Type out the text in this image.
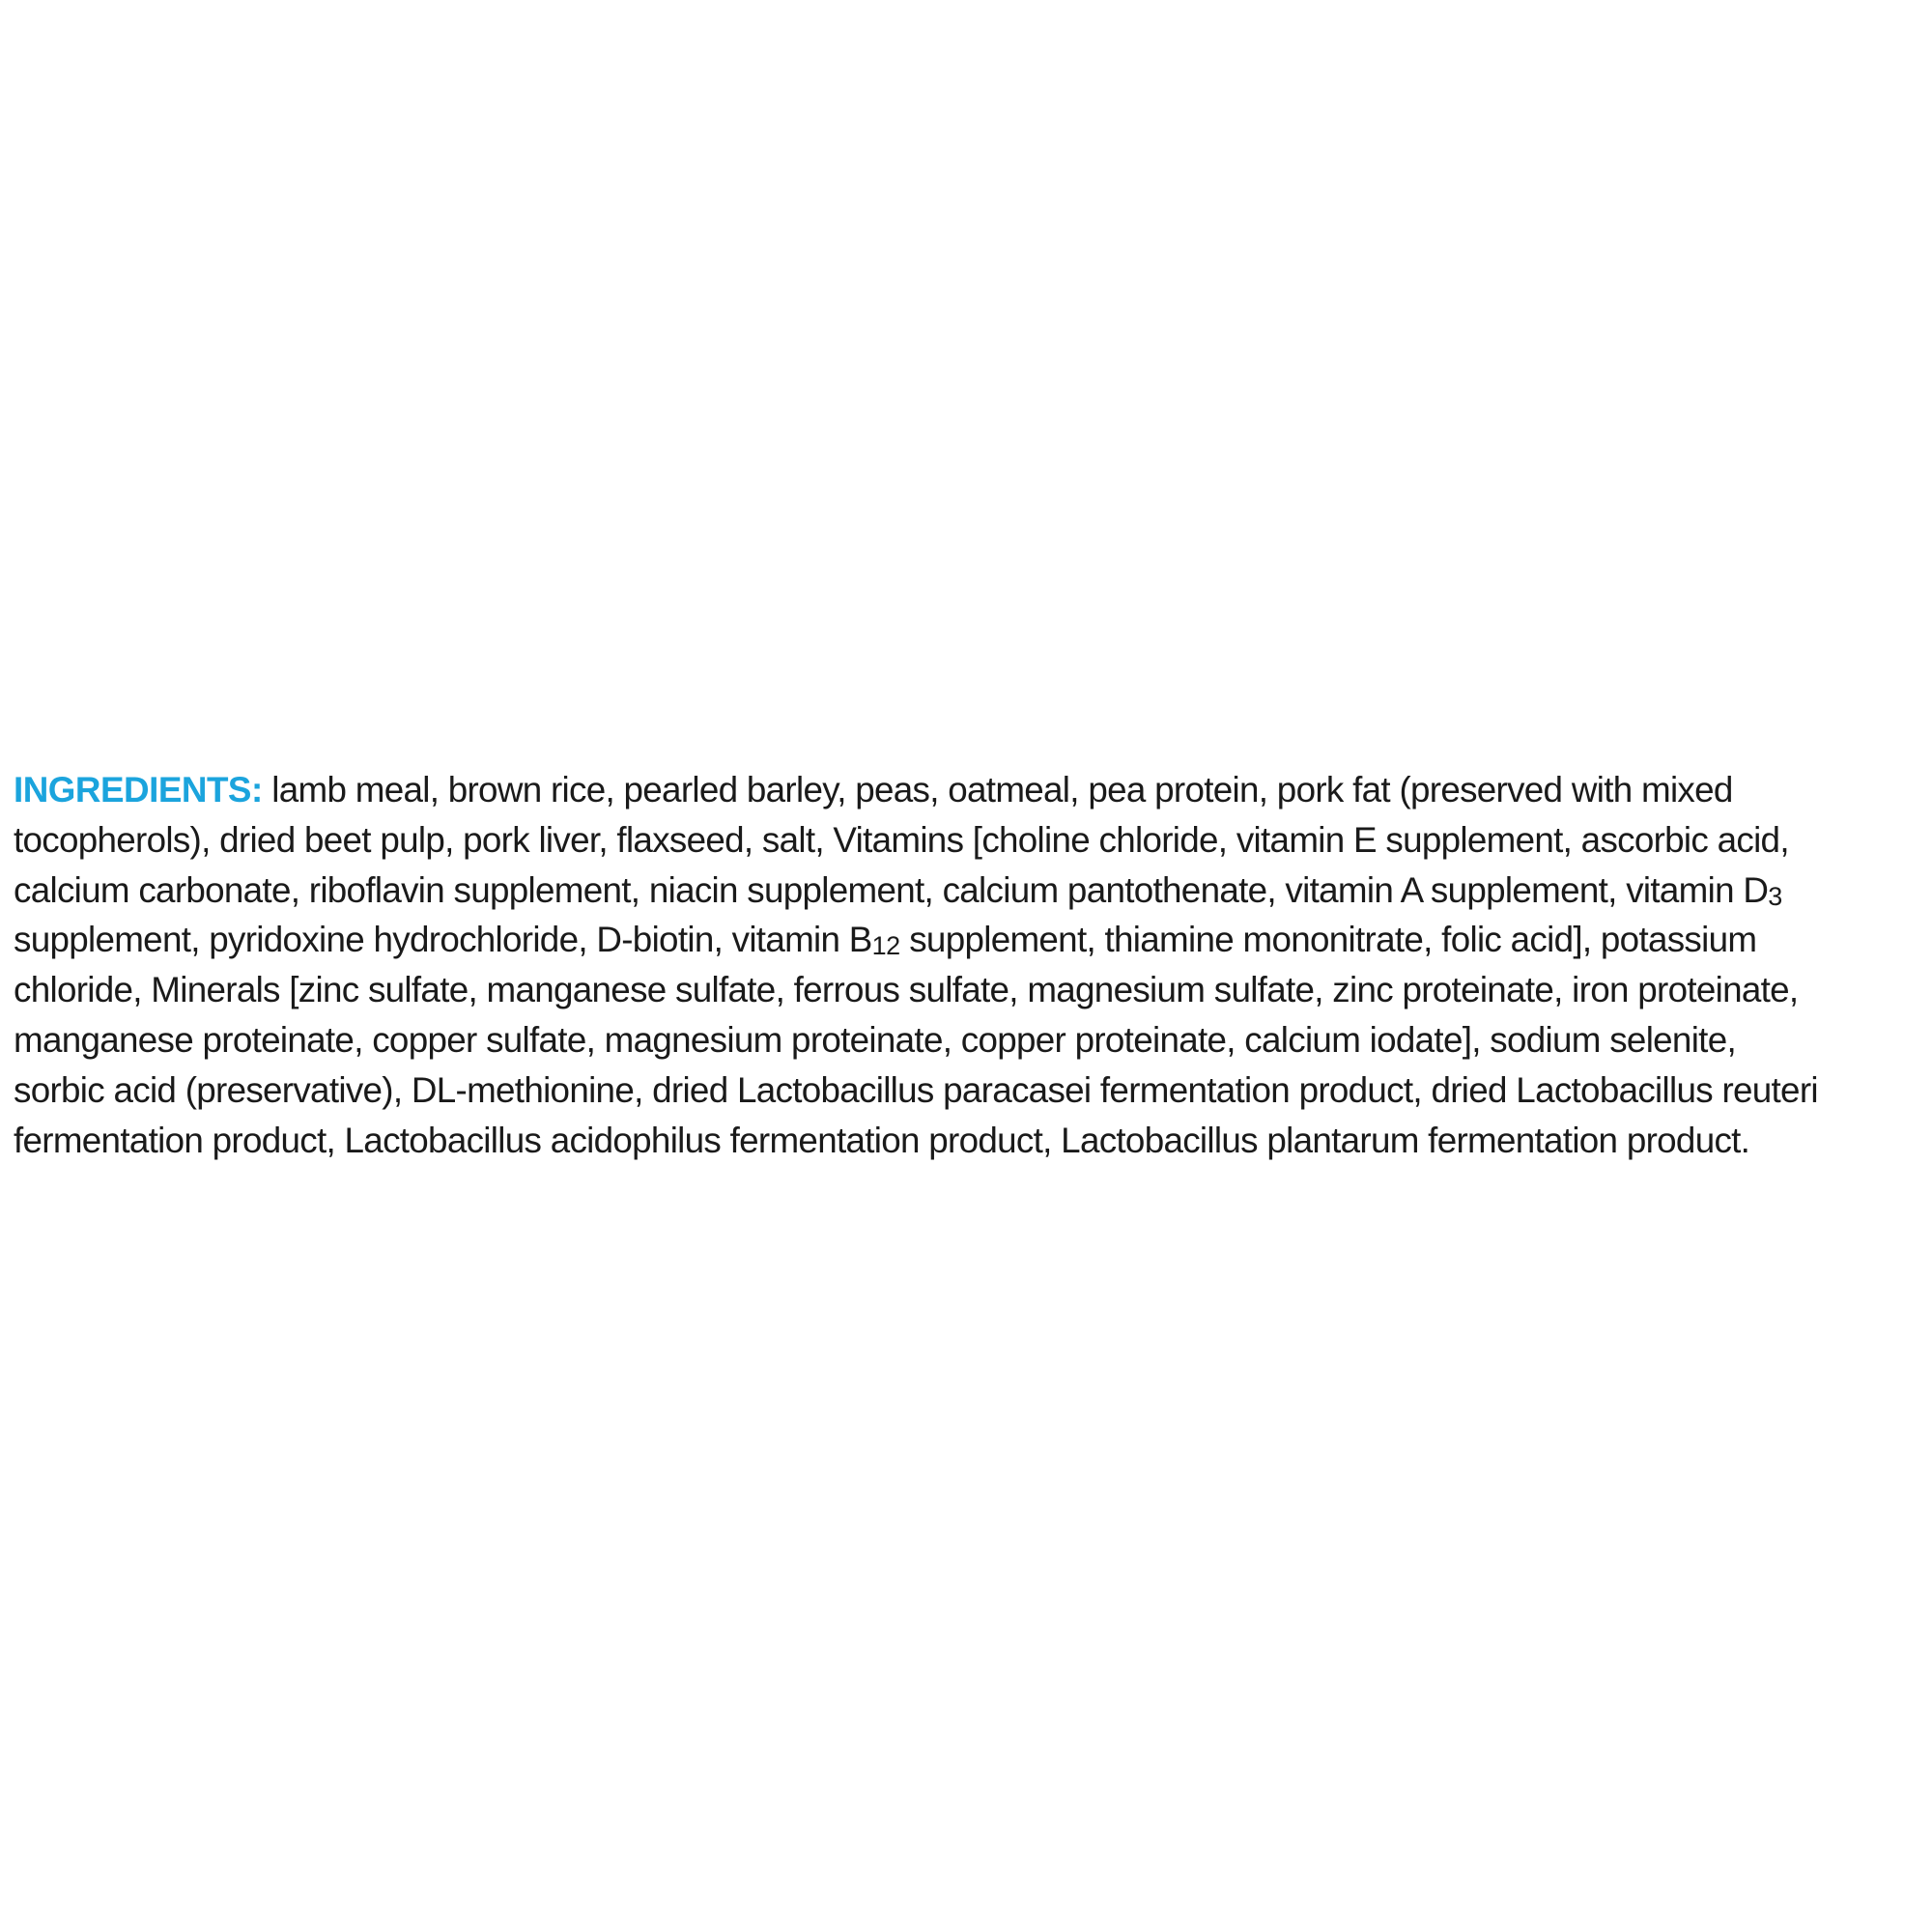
INGREDIENTS: lamb meal, brown rice, pearled barley, peas, oatmeal, pea protein, pork fat (preserved with mixed
tocopherols), dried beet pulp, pork liver, flaxseed, salt, Vitamins [choline chloride, vitamin E supplement, ascorbic acid,
calcium carbonate, riboflavin supplement, niacin supplement, calcium pantothenate, vitamin A supplement, vitamin D3
supplement, pyridoxine hydrochloride, D-biotin, vitamin B12 supplement, thiamine mononitrate, folic acid], potassium
chloride, Minerals [zinc sulfate, manganese sulfate, ferrous sulfate, magnesium sulfate, zinc proteinate, iron proteinate,
manganese proteinate, copper sulfate, magnesium proteinate, copper proteinate, calcium iodate], sodium selenite,
sorbic acid (preservative), DL-methionine, dried Lactobacillus paracasei fermentation product, dried Lactobacillus reuteri
fermentation product, Lactobacillus acidophilus fermentation product, Lactobacillus plantarum fermentation product.
